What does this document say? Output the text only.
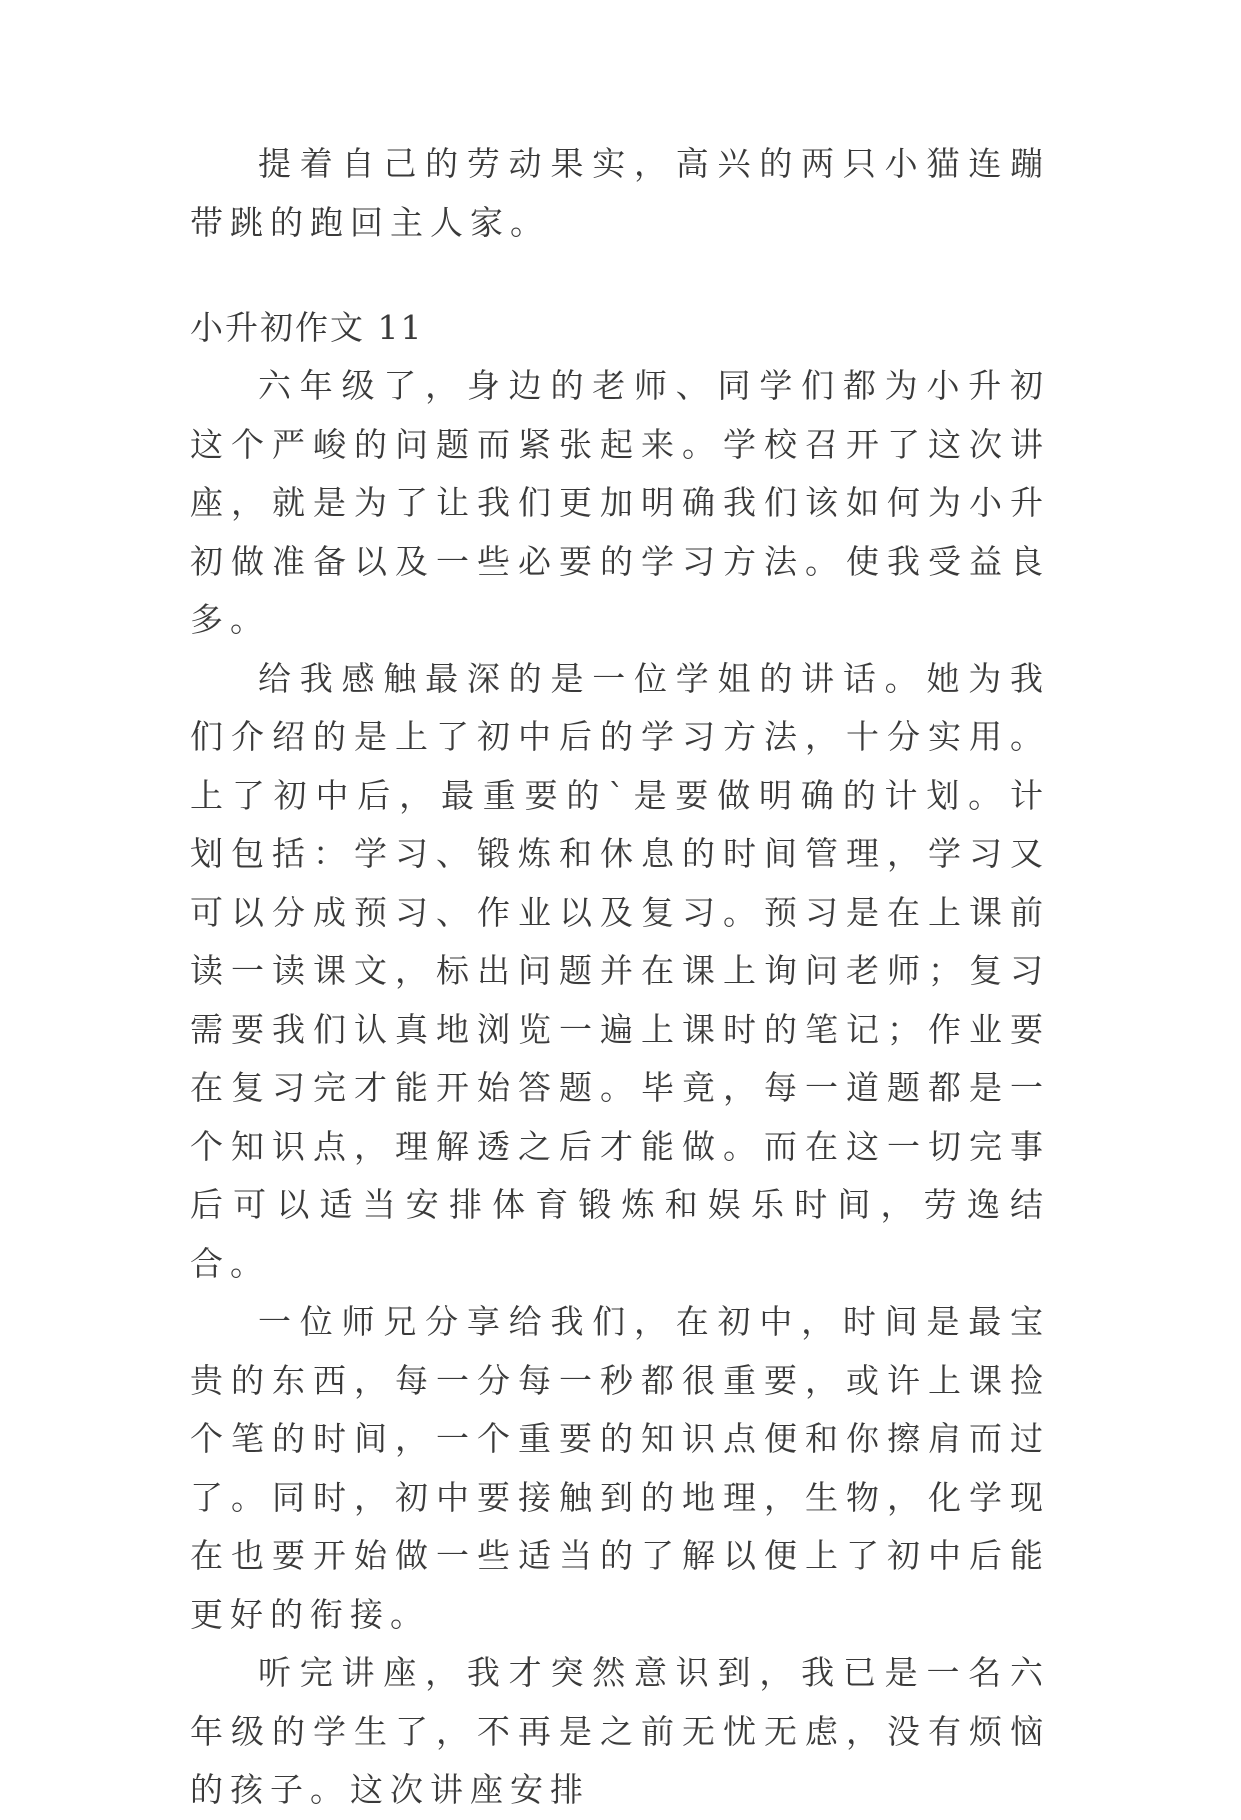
提着自己的劳动果实，高兴的两只小猫连蹦带跳的跑回主人家。

小升初作文 11

六年级了，身边的老师、同学们都为小升初这个严峻的问题而紧张起来。学校召开了这次讲座，就是为了让我们更加明确我们该如何为小升初做准备以及一些必要的学习方法。使我受益良多。

给我感触最深的是一位学姐的讲话。她为我们介绍的是上了初中后的学习方法，十分实用。上了初中后，最重要的`是要做明确的计划。计划包括：学习、锻炼和休息的时间管理，学习又可以分成预习、作业以及复习。预习是在上课前读一读课文，标出问题并在课上询问老师；复习需要我们认真地浏览一遍上课时的笔记；作业要在复习完才能开始答题。毕竟，每一道题都是一个知识点，理解透之后才能做。而在这一切完事后可以适当安排体育锻炼和娱乐时间，劳逸结合。

一位师兄分享给我们，在初中，时间是最宝贵的东西，每一分每一秒都很重要，或许上课捡个笔的时间，一个重要的知识点便和你擦肩而过了。同时，初中要接触到的地理，生物，化学现在也要开始做一些适当的了解以便上了初中后能更好的衔接。

听完讲座，我才突然意识到，我已是一名六年级的学生了，不再是之前无忧无虑，没有烦恼的孩子。这次讲座安排
